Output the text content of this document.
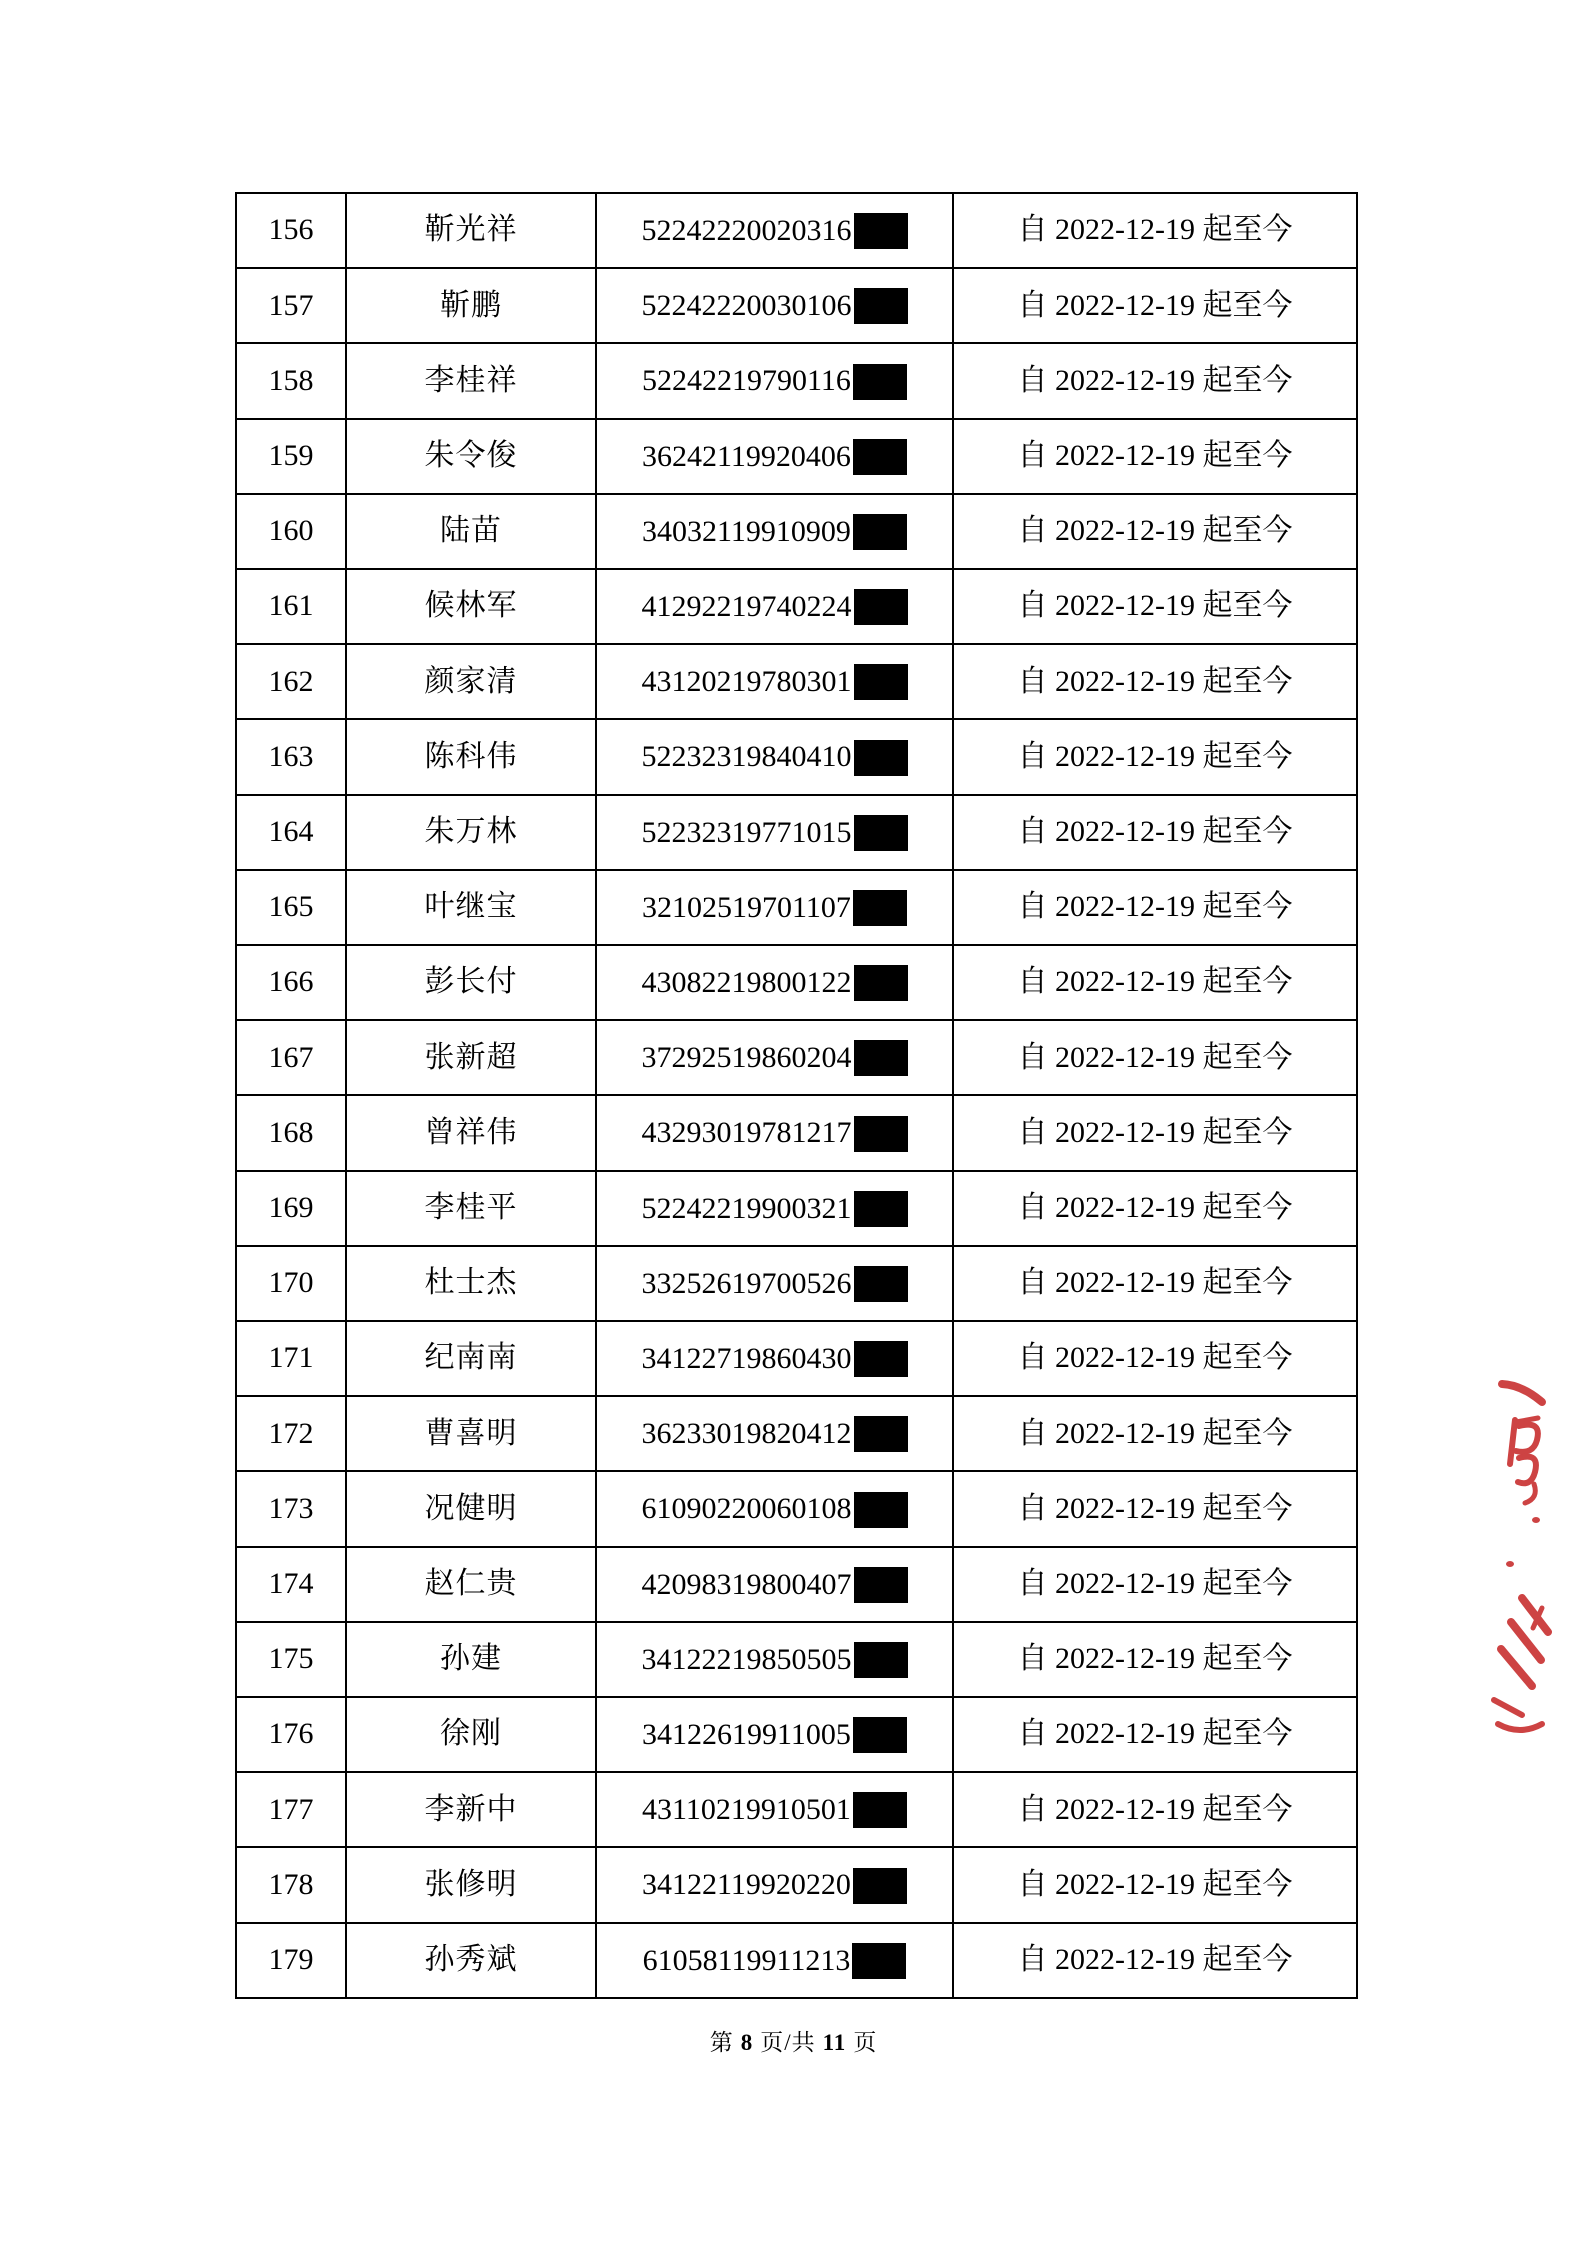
156	靳光祥	52242220020316	自 2022-12-19 起至今
157	靳鹏	52242220030106	自 2022-12-19 起至今
158	李桂祥	52242219790116	自 2022-12-19 起至今
159	朱令俊	36242119920406	自 2022-12-19 起至今
160	陆苗	34032119910909	自 2022-12-19 起至今
161	候林军	41292219740224	自 2022-12-19 起至今
162	颜家清	43120219780301	自 2022-12-19 起至今
163	陈科伟	52232319840410	自 2022-12-19 起至今
164	朱万林	52232319771015	自 2022-12-19 起至今
165	叶继宝	32102519701107	自 2022-12-19 起至今
166	彭长付	43082219800122	自 2022-12-19 起至今
167	张新超	37292519860204	自 2022-12-19 起至今
168	曾祥伟	43293019781217	自 2022-12-19 起至今
169	李桂平	52242219900321	自 2022-12-19 起至今
170	杜士杰	33252619700526	自 2022-12-19 起至今
171	纪南南	34122719860430	自 2022-12-19 起至今
172	曹喜明	36233019820412	自 2022-12-19 起至今
173	况健明	61090220060108	自 2022-12-19 起至今
174	赵仁贵	42098319800407	自 2022-12-19 起至今
175	孙建	34122219850505	自 2022-12-19 起至今
176	徐刚	34122619911005	自 2022-12-19 起至今
177	李新中	43110219910501	自 2022-12-19 起至今
178	张修明	34122119920220	自 2022-12-19 起至今
179	孙秀斌	61058119911213	自 2022-12-19 起至今
第 8 页/共 11 页
